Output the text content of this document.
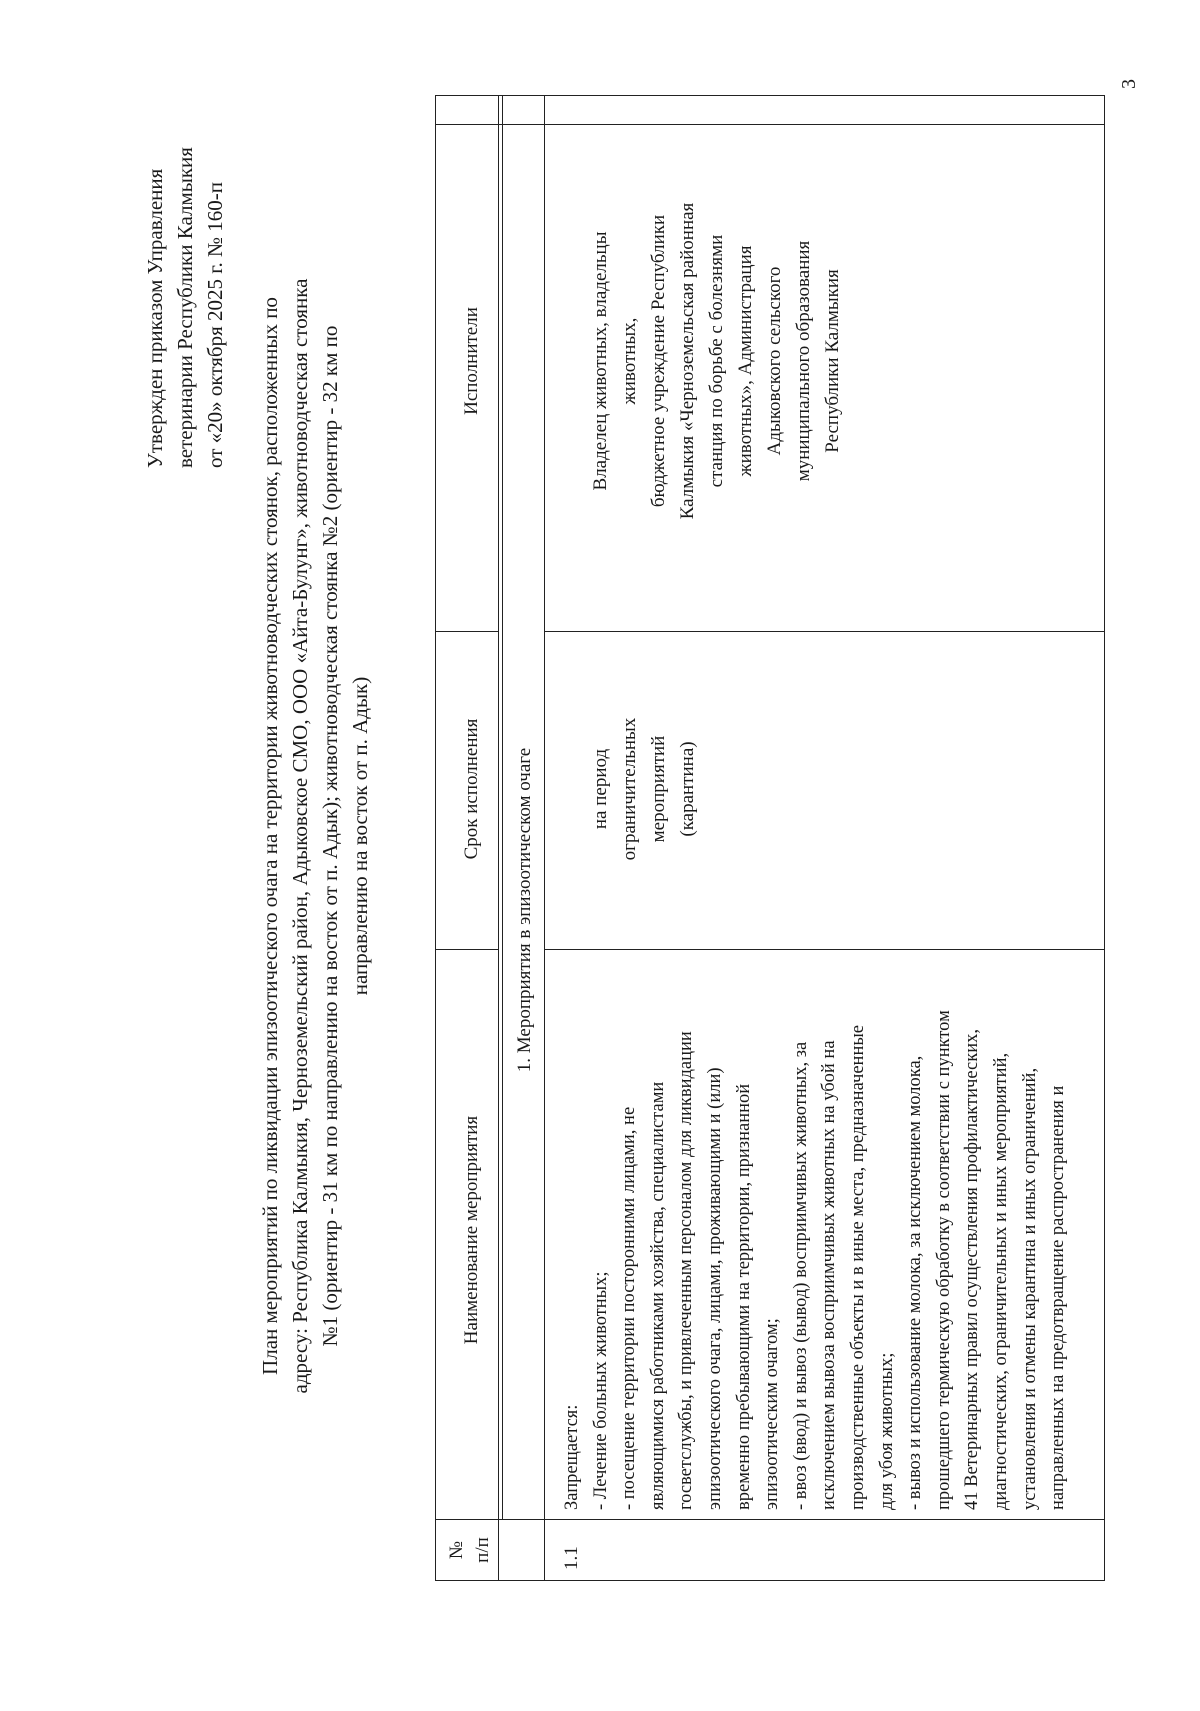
3
Утвержден приказом Управления ветеринарии Республики Калмыкия от «20» октября 2025 г. № 160-п План мероприятий по ликвидации эпизоотического очага на территории животноводческих стоянок, расположенных по адресу: Республика Калмыкия, Черноземельский район, Адыковское СМО, ООО «Айта-Булунг», животноводческая стоянка №1 (ориентир - 31 км по направлению на восток от п. Адык); животноводческая стоянка №2 (ориентир - 32 км по направлению на восток от п. Адык)
№ п/п
Наименование мероприятия
Срок исполнения
Исполнители
1. Мероприятия в эпизоотическом очаге
1.1
Запрещается: - Лечение больных животных; - посещение территории посторонними лицами, не являющимися работниками хозяйства, специалистами госветслужбы, и привлеченным персоналом для ликвидации эпизоотического очага, лицами, проживающими и (или) временно пребывающими на территории, признанной эпизоотическим очагом; - ввоз (ввод) и вывоз (вывод) восприимчивых животных, за исключением вывоза восприимчивых животных на убой на производственные объекты и в иные места, предназначенные для убоя животных; - вывоз и использование молока, за исключением молока, прошедшего термическую обработку в соответствии с пунктом 41 Ветеринарных правил осуществления профилактических, диагностических, ограничительных и иных мероприятий, установления и отмены карантина и иных ограничений, направленных на предотвращение распространения и
на период ограничительных мероприятий (карантина)
Владелец животных, владельцы животных, бюджетное учреждение Республики Калмыкия «Черноземельская районная станция по борьбе с болезнями животных», Администрация Адыковского сельского муниципального образования Республики Калмыкия
